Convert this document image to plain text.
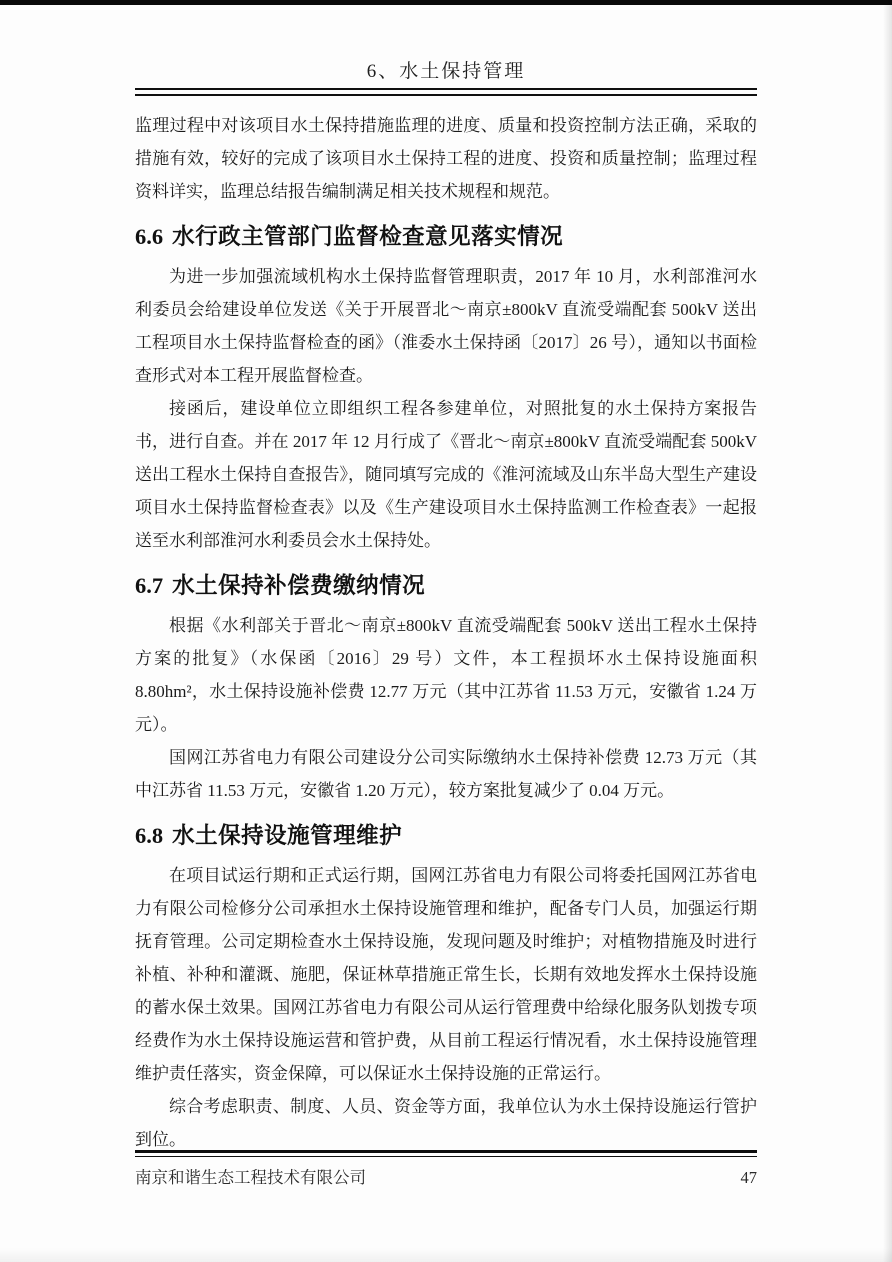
6、水土保持管理

监理过程中对该项目水土保持措施监理的进度、质量和投资控制方法正确，采取的措施有效，较好的完成了该项目水土保持工程的进度、投资和质量控制；监理过程资料详实，监理总结报告编制满足相关技术规程和规范。

6.6 水行政主管部门监督检查意见落实情况

为进一步加强流域机构水土保持监督管理职责，2017 年 10 月，水利部淮河水利委员会给建设单位发送《关于开展晋北～南京±800kV 直流受端配套 500kV 送出工程项目水土保持监督检查的函》（淮委水土保持函〔2017〕26 号），通知以书面检查形式对本工程开展监督检查。

接函后，建设单位立即组织工程各参建单位，对照批复的水土保持方案报告书，进行自查。并在 2017 年 12 月行成了《晋北～南京±800kV 直流受端配套 500kV 送出工程水土保持自查报告》，随同填写完成的《淮河流域及山东半岛大型生产建设项目水土保持监督检查表》以及《生产建设项目水土保持监测工作检查表》一起报送至水利部淮河水利委员会水土保持处。

6.7 水土保持补偿费缴纳情况

根据《水利部关于晋北～南京±800kV 直流受端配套 500kV 送出工程水土保持方案的批复》（水保函〔2016〕29 号）文件，本工程损坏水土保持设施面积 8.80hm²，水土保持设施补偿费 12.77 万元（其中江苏省 11.53 万元，安徽省 1.24 万元）。

国网江苏省电力有限公司建设分公司实际缴纳水土保持补偿费 12.73 万元（其中江苏省 11.53 万元，安徽省 1.20 万元），较方案批复减少了 0.04 万元。

6.8 水土保持设施管理维护

在项目试运行期和正式运行期，国网江苏省电力有限公司将委托国网江苏省电力有限公司检修分公司承担水土保持设施管理和维护，配备专门人员，加强运行期抚育管理。公司定期检查水土保持设施，发现问题及时维护；对植物措施及时进行补植、补种和灌溉、施肥，保证林草措施正常生长，长期有效地发挥水土保持设施的蓄水保土效果。国网江苏省电力有限公司从运行管理费中给绿化服务队划拨专项经费作为水土保持设施运营和管护费，从目前工程运行情况看，水土保持设施管理维护责任落实，资金保障，可以保证水土保持设施的正常运行。

综合考虑职责、制度、人员、资金等方面，我单位认为水土保持设施运行管护到位。

南京和谐生态工程技术有限公司	47
